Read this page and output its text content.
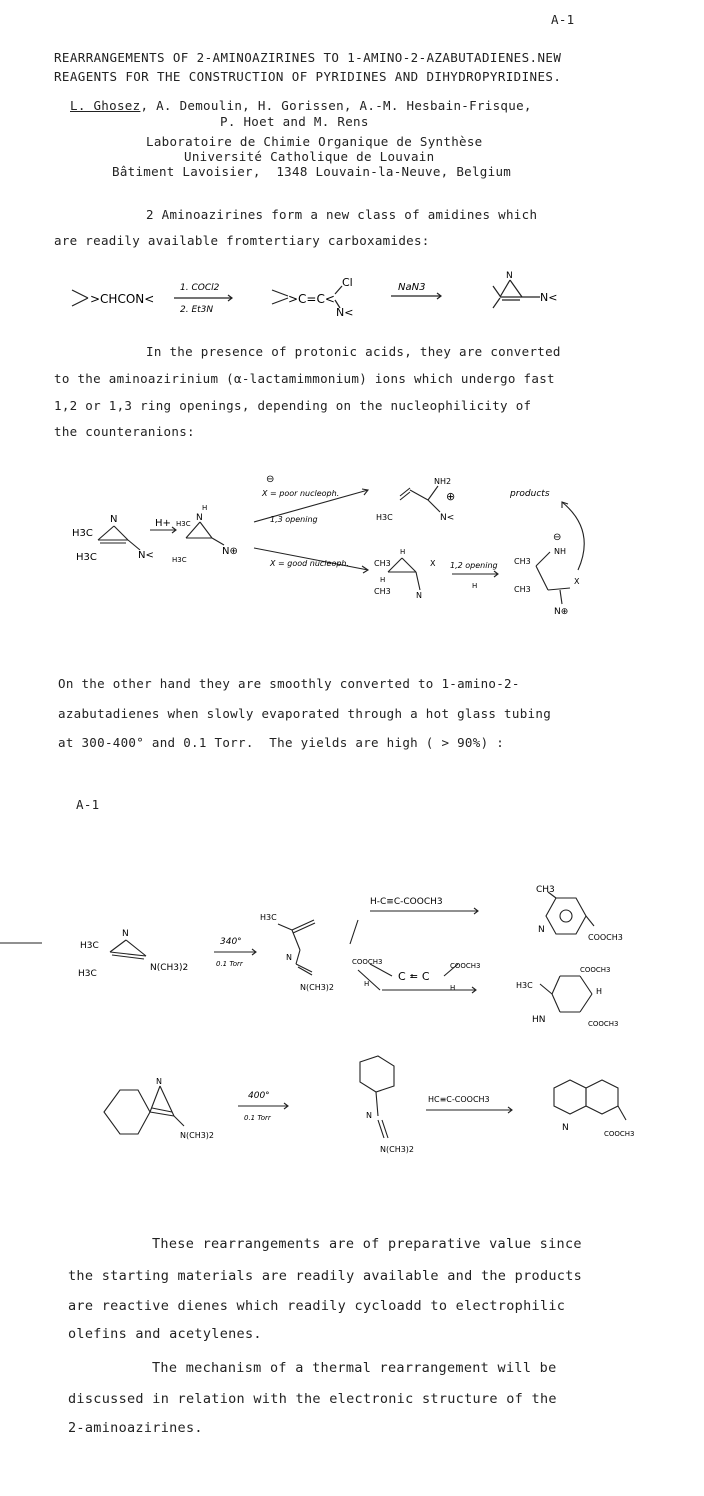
A-1
REARRANGEMENTS OF 2-AMINOAZIRINES TO 1-AMINO-2-AZABUTADIENES.NEW
REAGENTS FOR THE CONSTRUCTION OF PYRIDINES AND DIHYDROPYRIDINES.
L. Ghosez, A. Demoulin, H. Gorissen, A.-M. Hesbain-Frisque,
P. Hoet and M. Rens
Laboratoire de Chimie Organique de Synthèse
Université Catholique de Louvain
Bâtiment Lavoisier,  1348 Louvain-la-Neuve, Belgium
2 Aminoazirines form a new class of amidines which
are readily available fromtertiary carboxamides:
>CHCON<
1. COCl2
2. Et3N
>C=C<
Cl
N<
NaN3
N
N<
In the presence of protonic acids, they are converted
to the aminoazirinium (α-lactamimmonium) ions which undergo fast
1,2 or 1,3 ring openings, depending on the nucleophilicity of
the counteranions:
H3C
H3C
N
N<
H+ H3C
H3C
H
N
N⊕
⊖
X = poor nucleoph.
1,3 opening	H3C
NH2
⊕
N<
products
X = good nucleoph.	CH3
CH3
X
H
H
N
1,2 opening
H
CH3
CH3
⊖
NH
X
N⊕
On the other hand they are smoothly converted to 1-amino-2-
azabutadienes when slowly evaporated through a hot glass tubing
at 300-400° and 0.1 Torr.  The yields are high ( > 90%) :
A-1
H3C
H3C
N
N(CH3)2
340°
0.1 Torr
H3C
N
N(CH3)2
H-C≡C-COOCH3
CH3
N
COOCH3
COOCH3	COOCH3
C = C
H	H	H3C
COOCH3
H
HN	COOCH3
N
N(CH3)2
400°
0.1 Torr	N
N(CH3)2
HC≡C-COOCH3
N
COOCH3
These rearrangements are of preparative value since
the starting materials are readily available and the products
are reactive dienes which readily cycloadd to electrophilic
olefins and acetylenes.
The mechanism of a thermal rearrangement will be
discussed in relation with the electronic structure of the
2-aminoazirines.
